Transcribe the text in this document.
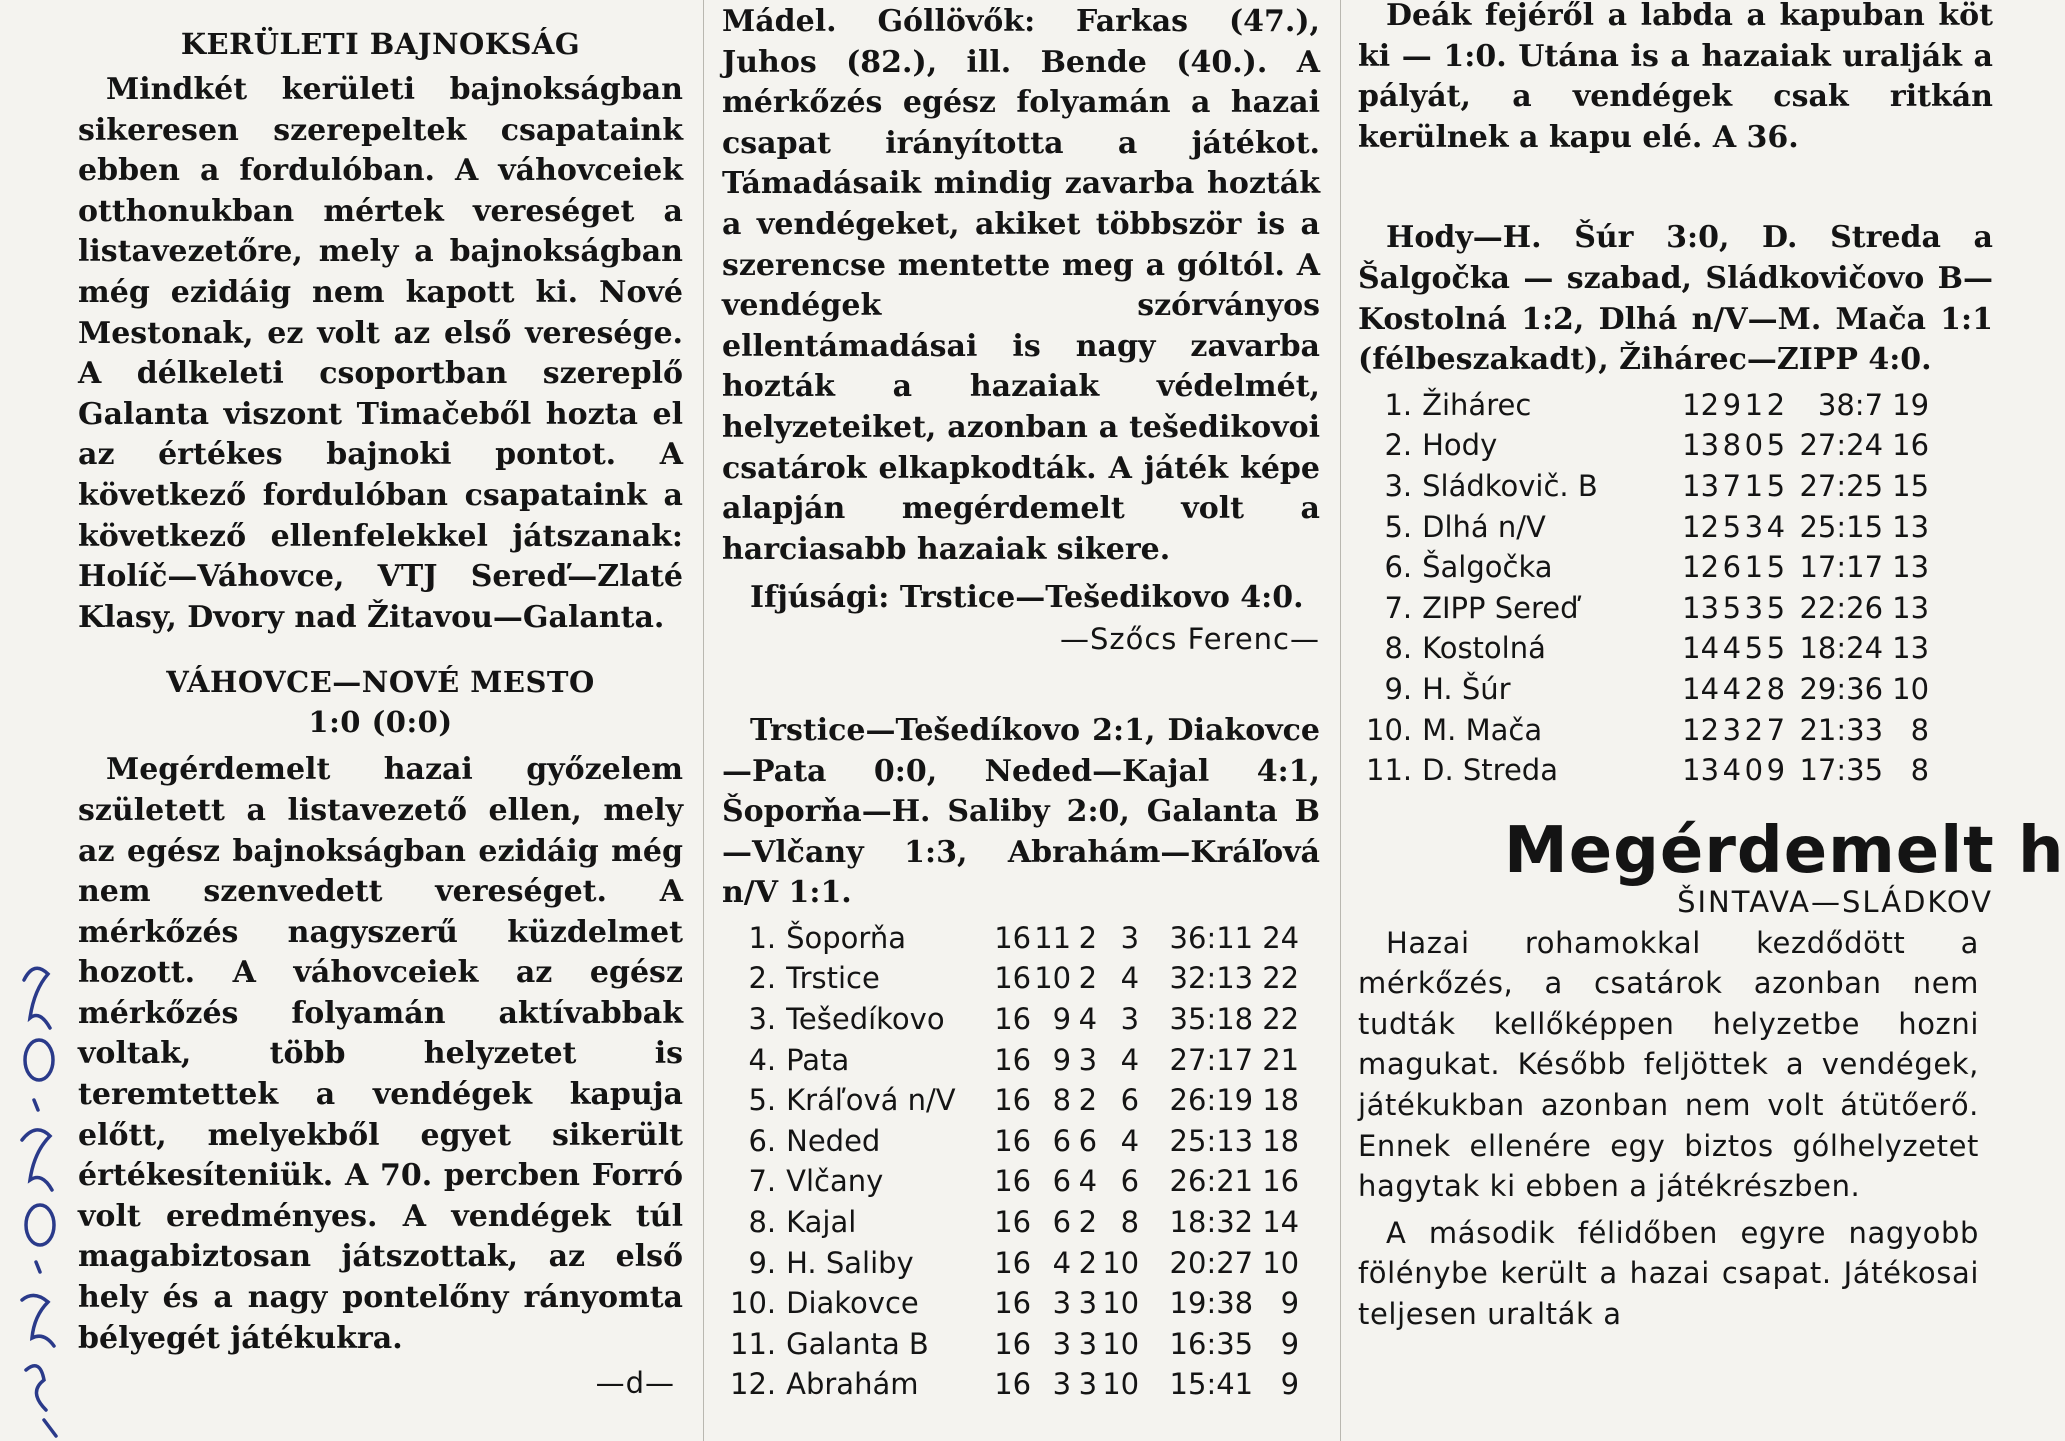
KERÜLETI BAJNOKSÁG

Mindkét kerületi bajnokságban sikeresen szerepeltek csapataink ebben a fordulóban. A váhovceiek otthonukban mértek vereséget a listavezetőre, mely a bajnokságban még ezidáig nem kapott ki. Nové Mestonak, ez volt az első veresége. A délkeleti csoportban szereplő Galanta viszont Timačeből hozta el az értékes bajnoki pontot. A következő fordulóban csapataink a következő ellenfelekkel játszanak: Holíč—Váhovce, VTJ Sereď—Zlaté Klasy, Dvory nad Žitavou—Galanta.

VÁHOVCE—NOVÉ MESTO
1:0 (0:0)

Megérdemelt hazai győzelem született a listavezető ellen, mely az egész bajnokságban ezidáig még nem szenvedett vereséget. A mérkőzés nagyszerű küzdelmet hozott. A váhovceiek az egész mérkőzés folyamán aktívabbak voltak, több helyzetet is teremtettek a vendégek kapuja előtt, melyekből egyet sikerült értékesíteniük. A 70. percben Forró volt eredményes. A vendégek túl magabiztosan játszottak, az első hely és a nagy pontelőny rányomta bélyegét játékukra.

—d—

Mádel. Góllövők: Farkas (47.), Juhos (82.), ill. Bende (40.). A mérkőzés egész folyamán a hazai csapat irányította a játékot. Támadásaik mindig zavarba hozták a vendégeket, akiket többször is a szerencse mentette meg a góltól. A vendégek szórványos ellentámadásai is nagy zavarba hozták a hazaiak védelmét, helyzeteiket, azonban a tešedikovoi csatárok elkapkodták. A játék képe alapján megérdemelt volt a harciasabb hazaiak sikere.

Ifjúsági: Trstice—Tešedikovo 4:0.

—Szőcs Ferenc—

Trstice—Tešedíkovo 2:1, Diakovce—Pata 0:0, Neded—Kajal 4:1, Šoporňa—H. Saliby 2:0, Galanta B —Vlčany 1:3, Abrahám—Kráľová n/V 1:1.

1.	Šoporňa	16	11	2	3	36:11	24
2.	Trstice	16	10	2	4	32:13	22
3.	Tešedíkovo	16	9	4	3	35:18	22
4.	Pata	16	9	3	4	27:17	21
5.	Kráľová n/V	16	8	2	6	26:19	18
6.	Neded	16	6	6	4	25:13	18
7.	Vlčany	16	6	4	6	26:21	16
8.	Kajal	16	6	2	8	18:32	14
9.	H. Saliby	16	4	2	10	20:27	10
10.	Diakovce	16	3	3	10	19:38	9
11.	Galanta B	16	3	3	10	16:35	9
12.	Abrahám	16	3	3	10	15:41	9

Deák fejéről a labda a kapuban köt ki — 1:0. Utána is a hazaiak uralják a pályát, a vendégek csak ritkán kerülnek a kapu elé. A 36.

Hody—H. Šúr 3:0, D. Streda a Šalgočka — szabad, Sládkovičovo B—Kostolná 1:2, Dlhá n/V—M. Mača 1:1 (félbeszakadt), Žihárec—ZIPP 4:0.

1.	Žihárec	12	9	1	2	38:7	19
2.	Hody	13	8	0	5	27:24	16
3.	Sládkovič. B	13	7	1	5	27:25	15
5.	Dlhá n/V	12	5	3	4	25:15	13
6.	Šalgočka	12	6	1	5	17:17	13
7.	ZIPP Sereď	13	5	3	5	22:26	13
8.	Kostolná	14	4	5	5	18:24	13
9.	H. Šúr	14	4	2	8	29:36	10
10.	M. Mača	12	3	2	7	21:33	8
11.	D. Streda	13	4	0	9	17:35	8
Megérdemelt h
ŠINTAVA—SLÁDKOV

Hazai rohamokkal kezdődött a mérkőzés, a csatárok azonban nem tudták kellőképpen helyzetbe hozni magukat. Később feljöttek a vendégek, játékukban azonban nem volt átütőerő. Ennek ellenére egy biztos gólhelyzetet hagytak ki ebben a játékrészben.

A második félidőben egyre nagyobb fölénybe került a hazai csapat. Játékosai teljesen uralták a
